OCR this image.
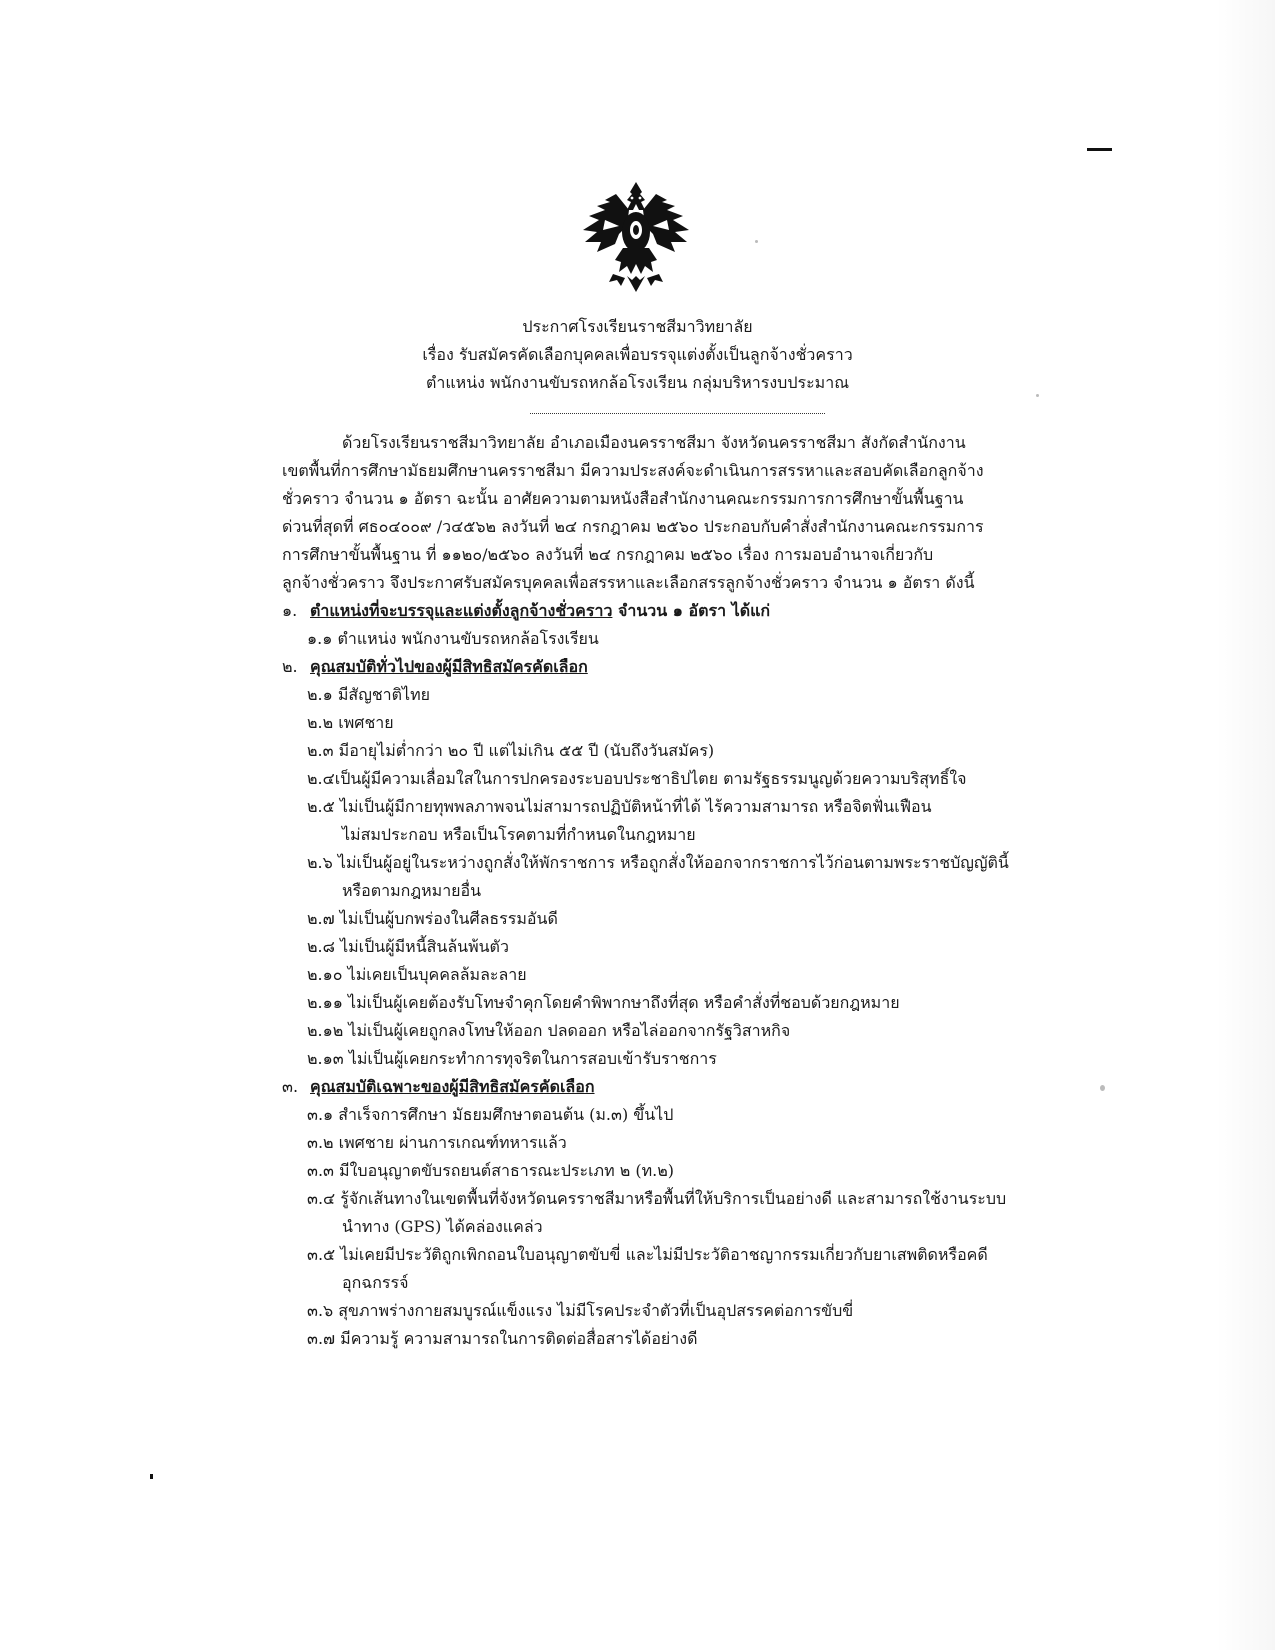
ประกาศโรงเรียนราชสีมาวิทยาลัย
เรื่อง รับสมัครคัดเลือกบุคคลเพื่อบรรจุแต่งตั้งเป็นลูกจ้างชั่วคราว
ตำแหน่ง พนักงานขับรถหกล้อโรงเรียน กลุ่มบริหารงบประมาณ
ด้วยโรงเรียนราชสีมาวิทยาลัย อำเภอเมืองนครราชสีมา จังหวัดนครราชสีมา สังกัดสำนักงาน
เขตพื้นที่การศึกษามัธยมศึกษานครราชสีมา มีความประสงค์จะดำเนินการสรรหาและสอบคัดเลือกลูกจ้าง
ชั่วคราว จำนวน ๑ อัตรา ฉะนั้น อาศัยความตามหนังสือสำนักงานคณะกรรมการการศึกษาขั้นพื้นฐาน
ด่วนที่สุดที่ ศธ๐๔๐๐๙ /ว๔๕๖๒ ลงวันที่ ๒๔ กรกฎาคม ๒๕๖๐ ประกอบกับคำสั่งสำนักงานคณะกรรมการ
การศึกษาขั้นพื้นฐาน ที่ ๑๑๒๐/๒๕๖๐ ลงวันที่ ๒๔ กรกฎาคม ๒๕๖๐ เรื่อง การมอบอำนาจเกี่ยวกับ
ลูกจ้างชั่วคราว จึงประกาศรับสมัครบุคคลเพื่อสรรหาและเลือกสรรลูกจ้างชั่วคราว จำนวน ๑ อัตรา ดังนี้
๑. ตำแหน่งที่จะบรรจุและแต่งตั้งลูกจ้างชั่วคราว จำนวน ๑ อัตรา ได้แก่
๑.๑ ตำแหน่ง พนักงานขับรถหกล้อโรงเรียน
๒. คุณสมบัติทั่วไปของผู้มีสิทธิสมัครคัดเลือก
๒.๑ มีสัญชาติไทย
๒.๒ เพศชาย
๒.๓ มีอายุไม่ต่ำกว่า ๒๐ ปี แต่ไม่เกิน ๕๕ ปี (นับถึงวันสมัคร)
๒.๔เป็นผู้มีความเลื่อมใสในการปกครองระบอบประชาธิปไตย ตามรัฐธรรมนูญด้วยความบริสุทธิ์ใจ
๒.๕ ไม่เป็นผู้มีกายทุพพลภาพจนไม่สามารถปฏิบัติหน้าที่ได้ ไร้ความสามารถ หรือจิตฟั่นเฟือน
ไม่สมประกอบ หรือเป็นโรคตามที่กำหนดในกฎหมาย
๒.๖ ไม่เป็นผู้อยู่ในระหว่างถูกสั่งให้พักราชการ หรือถูกสั่งให้ออกจากราชการไว้ก่อนตามพระราชบัญญัตินี้
หรือตามกฎหมายอื่น
๒.๗ ไม่เป็นผู้บกพร่องในศีลธรรมอันดี
๒.๘ ไม่เป็นผู้มีหนี้สินล้นพ้นตัว
๒.๑๐ ไม่เคยเป็นบุคคลล้มละลาย
๒.๑๑ ไม่เป็นผู้เคยต้องรับโทษจำคุกโดยคำพิพากษาถึงที่สุด หรือคำสั่งที่ชอบด้วยกฎหมาย
๒.๑๒ ไม่เป็นผู้เคยถูกลงโทษให้ออก ปลดออก หรือไล่ออกจากรัฐวิสาหกิจ
๒.๑๓ ไม่เป็นผู้เคยกระทำการทุจริตในการสอบเข้ารับราชการ
๓. คุณสมบัติเฉพาะของผู้มีสิทธิสมัครคัดเลือก
๓.๑ สำเร็จการศึกษา มัธยมศึกษาตอนต้น (ม.๓) ขึ้นไป
๓.๒ เพศชาย ผ่านการเกณฑ์ทหารแล้ว
๓.๓ มีใบอนุญาตขับรถยนต์สาธารณะประเภท ๒ (ท.๒)
๓.๔ รู้จักเส้นทางในเขตพื้นที่จังหวัดนครราชสีมาหรือพื้นที่ให้บริการเป็นอย่างดี และสามารถใช้งานระบบ
นำทาง (GPS) ได้คล่องแคล่ว
๓.๕ ไม่เคยมีประวัติถูกเพิกถอนใบอนุญาตขับขี่ และไม่มีประวัติอาชญากรรมเกี่ยวกับยาเสพติดหรือคดี
อุกฉกรรจ์
๓.๖ สุขภาพร่างกายสมบูรณ์แข็งแรง ไม่มีโรคประจำตัวที่เป็นอุปสรรคต่อการขับขี่
๓.๗ มีความรู้ ความสามารถในการติดต่อสื่อสารได้อย่างดี
